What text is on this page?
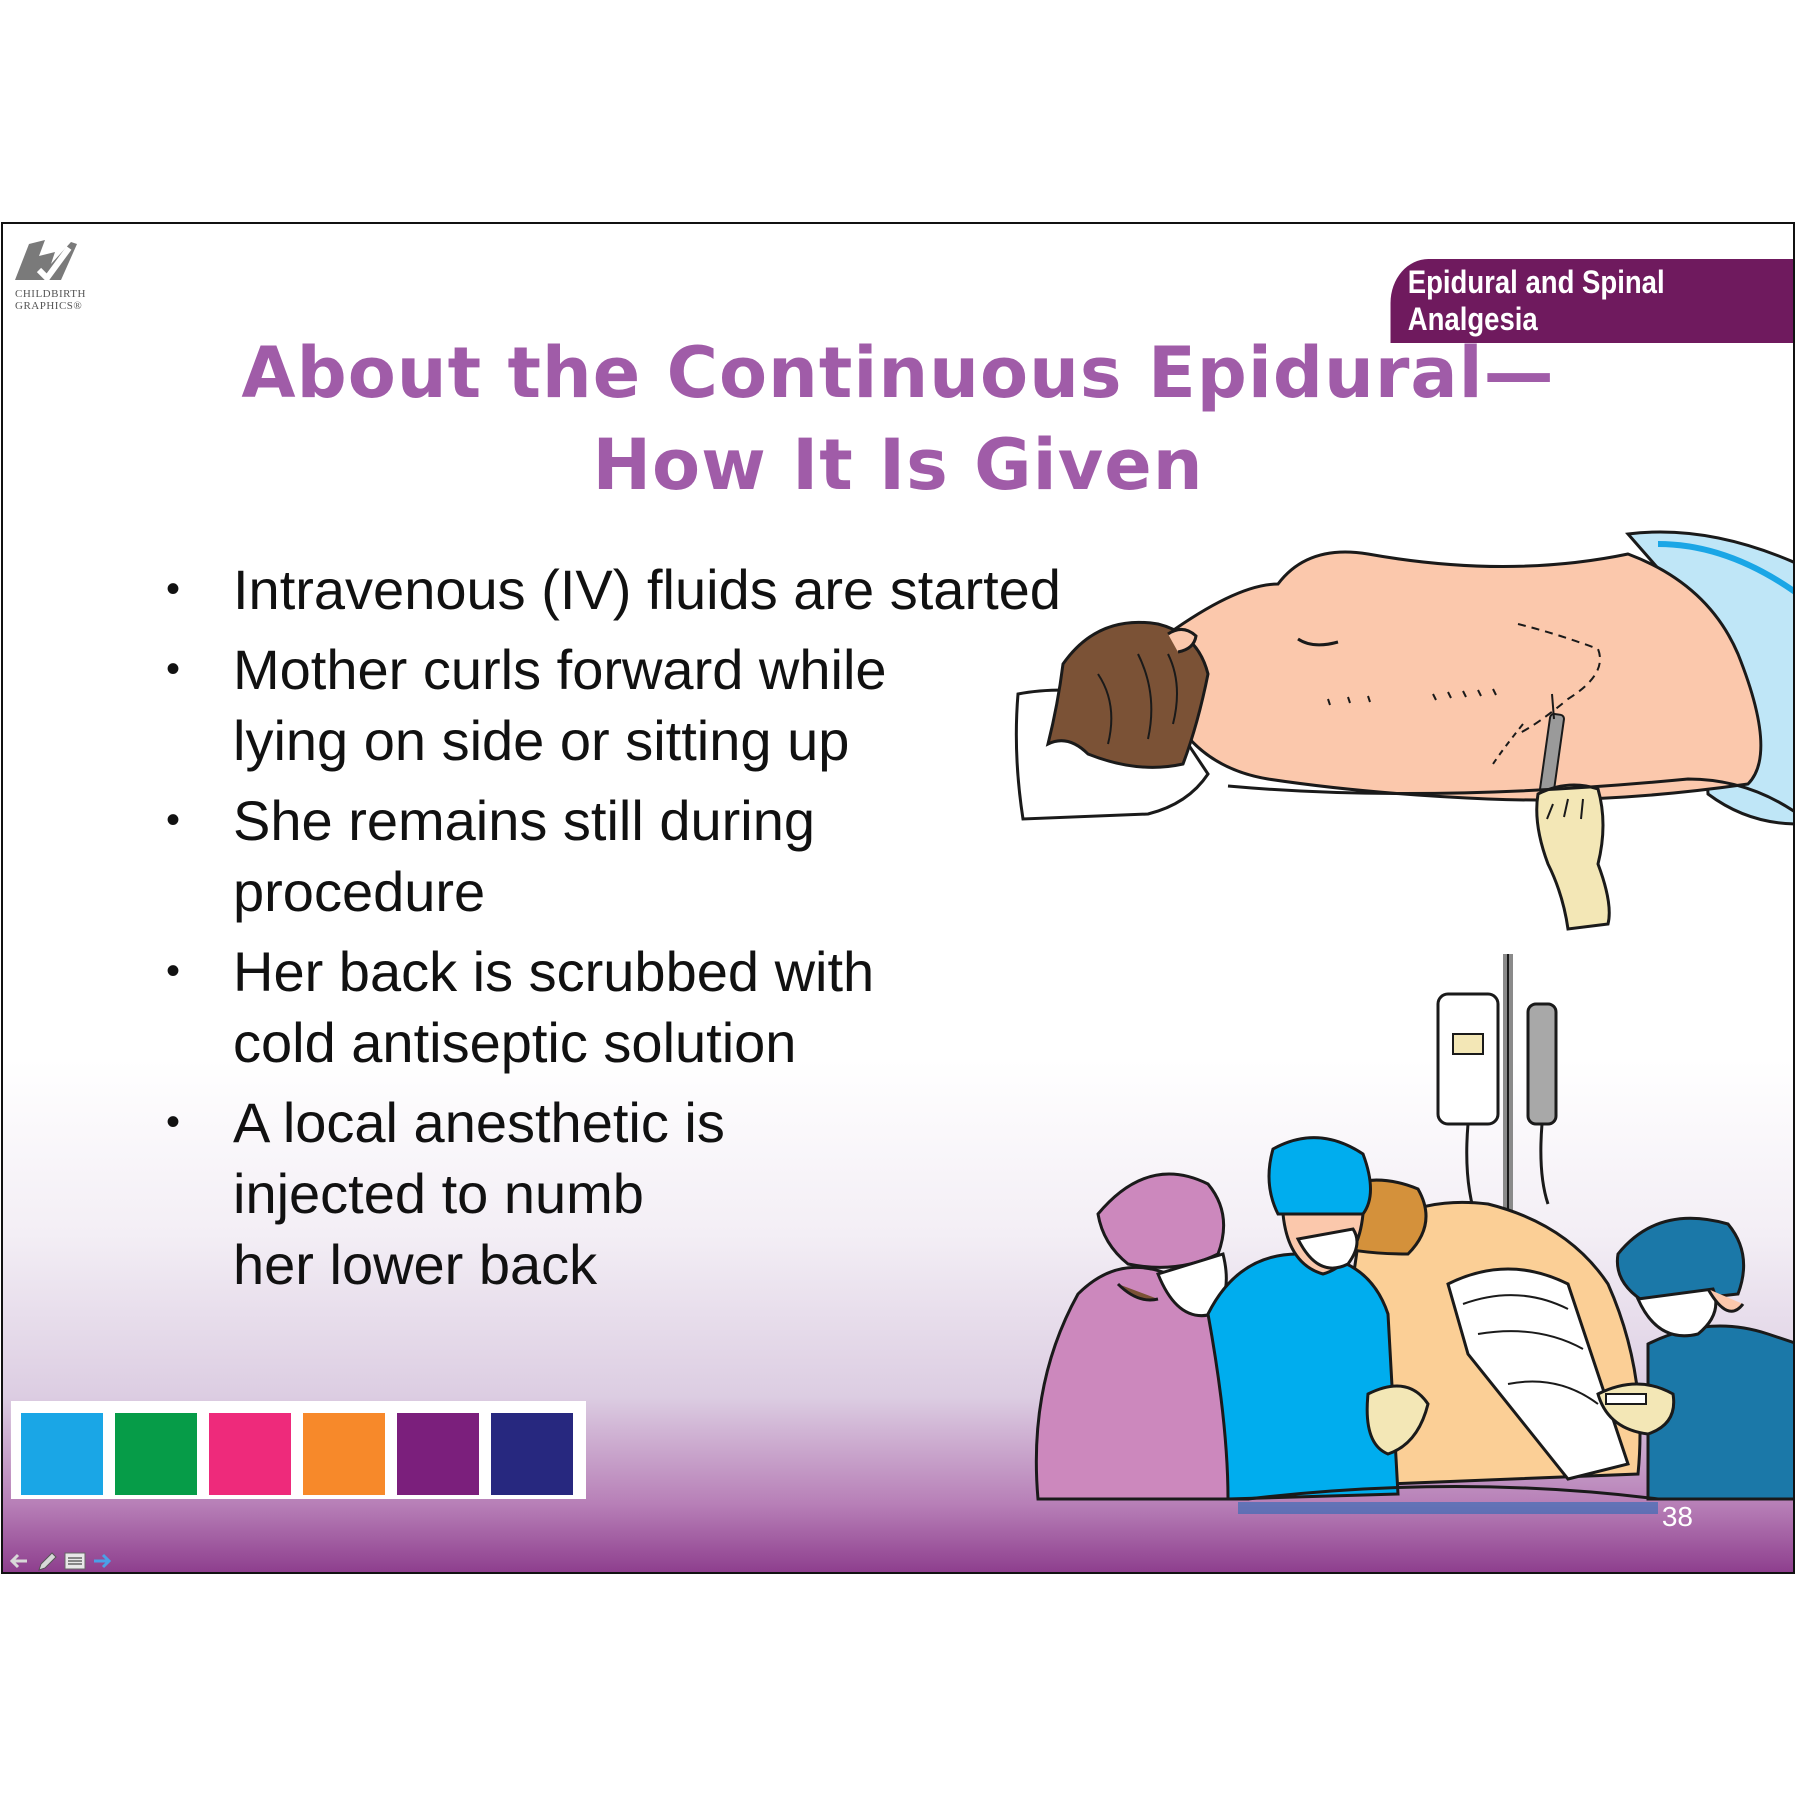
CHILDBIRTH
GRAPHICS®
Epidural and Spinal Analgesia
About the Continuous Epidural—
How It Is Given
• Intravenous (IV) fluids are started
• Mother curls forward while
lying on side or sitting up
• She remains still during
procedure
• Her back is scrubbed with
cold antiseptic solution
• A local anesthetic is
injected to numb
her lower back
38
